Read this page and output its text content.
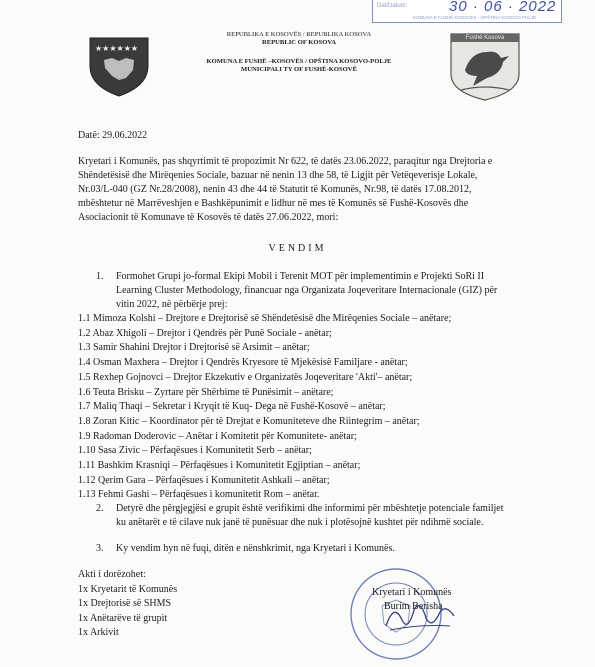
Dat/Datum:	30 · 06 · 2022
KOMUNA E FUSHË KOSOVËS · OPŠTINA KOSOVO POLJE
★★★★★★
REPUBLIKA E KOSOVËS / REPUBLIKA KOSOVA
REPUBLIC OF KOSOVA
KOMUNA E FUSHË –KOSOVËS / OPŠTINA KOSOVO-POLJE
MUNICIPALI TY OF FUSHË-KOSOVË
Fushë Kosova
Datë: 29.06.2022
Kryetari i Komunës, pas shqyrtimit të propozimit Nr 622, të datës 23.06.2022, paraqitur nga Drejtoria e
Shëndetësisë dhe Mirëqenies Sociale, bazuar në nenin 13 dhe 58, të Ligjit për Vetëqeverisje Lokale,
Nr.03/L-040 (GZ Nr.28/2008), nenin 43 dhe 44 të Statutit të Komunës, Nr.98, të datës 17.08.2012,
mbështetur në Marrëveshjen e Bashkëpunimit e lidhur në mes të Komunës së Fushë-Kosovës dhe
Asociacionit të Komunave të Kosovës të datës 27.06.2022, mori:
VENDIM
1. Formohet Grupi jo-formal Ekipi Mobil i Terenit MOT për implementimin e Projekti SoRi II
Learning Cluster Methodology, financuar nga Organizata Joqeveritare Internacionale (GIZ) për
vitin 2022, në përbërje prej:
1.1 Mimoza Kolshi – Drejtore e Drejtorisë së Shëndetësisë dhe Mirëqenies Sociale – anëtare;
1.2 Abaz Xhigoli – Drejtor i Qendrës për Punë Sociale - anëtar;
1.3 Samir Shahini Drejtor i Drejtorisë së Arsimit – anëtar;
1.4 Osman Maxhera – Drejtor i Qendrës Kryesore të Mjekësisë Familjare - anëtar;
1.5 Rexhep Gojnovci – Drejtor Ekzekutiv e Organizatës Joqeveritare 'Akti'– anëtar;
1.6 Teuta Brisku – Zyrtare për Shërbime të Punësimit – anëtare;
1.7 Maliq Thaqi – Sekretar i Kryqit të Kuq- Dega në Fushë-Kosovë – anëtar;
1.8 Zoran Kitic – Koordinator për të Drejtat e Komuniteteve dhe Riintegrim – anëtar;
1.9 Radoman Doderovic – Anëtar i Komitetit për Komunitete- anëtar;
1.10 Sasa Zivic – Përfaqësues i Komunitetit Serb – anëtar;
1.11 Bashkim Krasniqi – Përfaqësues i Komunitetit Egjiptian – anëtar;
1.12 Qerim Gara – Përfaqësues i Komunitetit Ashkali – anëtar;
1.13 Fehmi Gashi – Përfaqësues i komunitetit Rom – anëtar.
2. Detyrë dhe përgjegjësi e grupit është verifikimi dhe informimi për mbështetje potenciale familjet
ku anëtarët e të cilave nuk janë të punësuar dhe nuk i plotësojnë kushtet për ndihmë sociale.
3. Ky vendim hyn në fuqi, ditën e nënshkrimit, nga Kryetari i Komunës.
Akti i dorëzohet:
1x Kryetarit të Komunës
1x Drejtorisë së SHMS
1x Anëtarëve të grupit
1x Arkivit
Kryetari i Komunës
Burim Berisha
